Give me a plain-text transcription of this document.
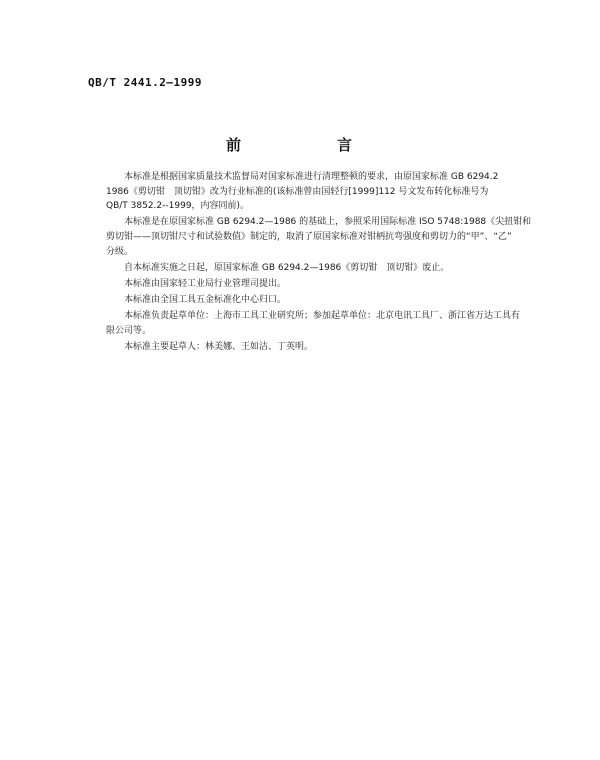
QB/T 2441.2—1999
前　　言
本标准是根据国家质量技术监督局对国家标准进行清理整顿的要求，由原国家标准 GB 6294.2
1986《剪切钳　顶切钳》改为行业标准的(该标准曾由国轻行[1999]112 号文发布转化标准号为
QB/T 3852.2--1999，内容同前)。
本标准是在原国家标准 GB 6294.2—1986 的基础上，参照采用国际标准 ISO 5748:1988《尖扭钳和
剪切钳——顶切钳尺寸和试验数值》制定的，取消了原国家标准对钳柄抗弯强度和剪切力的“甲”、“乙”
分级。
自本标准实施之日起，原国家标准 GB 6294.2—1986《剪切钳　顶切钳》废止。
本标准由国家轻工业局行业管理司提出。
本标准由全国工具五金标准化中心归口。
本标准负责起草单位：上海市工具工业研究所；参加起草单位：北京电讯工具厂、浙江省万达工具有
限公司等。
本标准主要起草人：林美娜、王如洁、丁英明。
